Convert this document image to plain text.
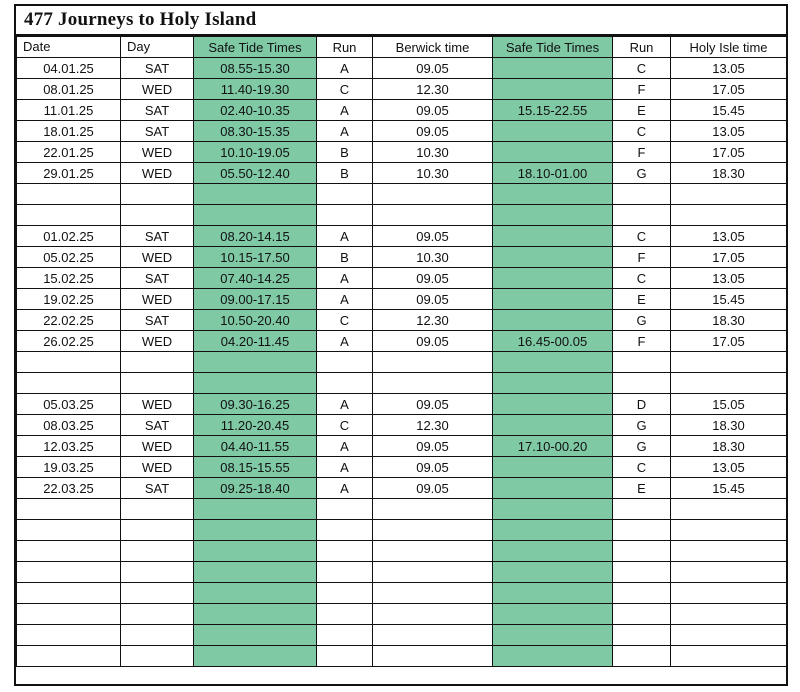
477 Journeys to Holy Island
Date	Day	Safe Tide Times	Run	Berwick time	Safe Tide Times	Run	Holy Isle time
04.01.25	SAT	08.55-15.30	A	09.05		C	13.05
08.01.25	WED	11.40-19.30	C	12.30		F	17.05
11.01.25	SAT	02.40-10.35	A	09.05	15.15-22.55	E	15.45
18.01.25	SAT	08.30-15.35	A	09.05		C	13.05
22.01.25	WED	10.10-19.05	B	10.30		F	17.05
29.01.25	WED	05.50-12.40	B	10.30	18.10-01.00	G	18.30

01.02.25	SAT	08.20-14.15	A	09.05		C	13.05
05.02.25	WED	10.15-17.50	B	10.30		F	17.05
15.02.25	SAT	07.40-14.25	A	09.05		C	13.05
19.02.25	WED	09.00-17.15	A	09.05		E	15.45
22.02.25	SAT	10.50-20.40	C	12.30		G	18.30
26.02.25	WED	04.20-11.45	A	09.05	16.45-00.05	F	17.05

05.03.25	WED	09.30-16.25	A	09.05		D	15.05
08.03.25	SAT	11.20-20.45	C	12.30		G	18.30
12.03.25	WED	04.40-11.55	A	09.05	17.10-00.20	G	18.30
19.03.25	WED	08.15-15.55	A	09.05		C	13.05
22.03.25	SAT	09.25-18.40	A	09.05		E	15.45
